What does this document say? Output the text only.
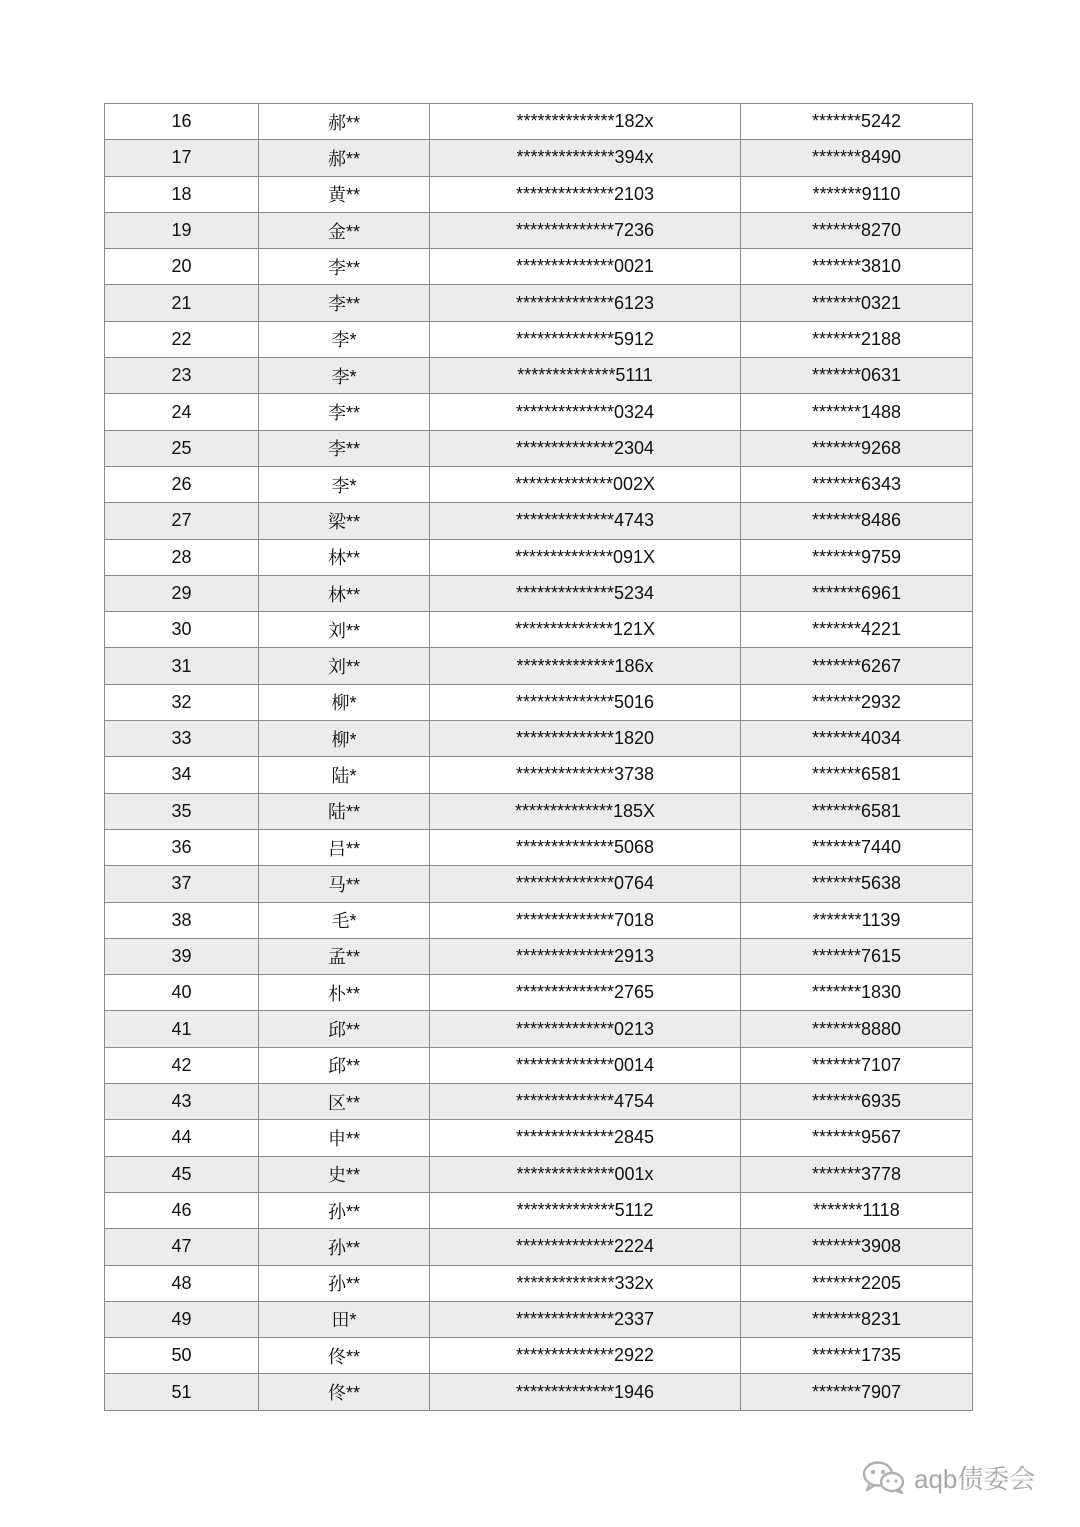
16	郝**	**************182x	*******5242
17	郝**	**************394x	*******8490
18	黄**	**************2103	*******9110
19	金**	**************7236	*******8270
20	李**	**************0021	*******3810
21	李**	**************6123	*******0321
22	李*	**************5912	*******2188
23	李*	**************5111	*******0631
24	李**	**************0324	*******1488
25	李**	**************2304	*******9268
26	李*	**************002X	*******6343
27	梁**	**************4743	*******8486
28	林**	**************091X	*******9759
29	林**	**************5234	*******6961
30	刘**	**************121X	*******4221
31	刘**	**************186x	*******6267
32	柳*	**************5016	*******2932
33	柳*	**************1820	*******4034
34	陆*	**************3738	*******6581
35	陆**	**************185X	*******6581
36	吕**	**************5068	*******7440
37	马**	**************0764	*******5638
38	毛*	**************7018	*******1139
39	孟**	**************2913	*******7615
40	朴**	**************2765	*******1830
41	邱**	**************0213	*******8880
42	邱**	**************0014	*******7107
43	区**	**************4754	*******6935
44	申**	**************2845	*******9567
45	史**	**************001x	*******3778
46	孙**	**************5112	*******1118
47	孙**	**************2224	*******3908
48	孙**	**************332x	*******2205
49	田*	**************2337	*******8231
50	佟**	**************2922	*******1735
51	佟**	**************1946	*******7907
aqb债委会
